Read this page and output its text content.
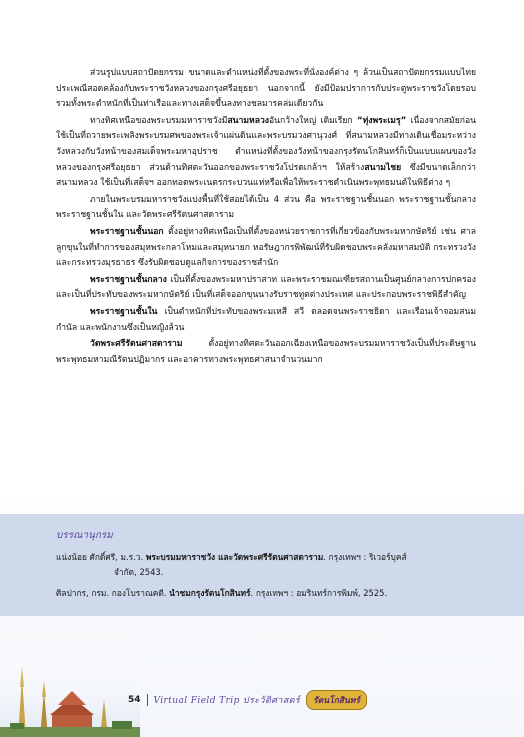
ส่วนรูปแบบสถาปัตยกรรม ขนาดและตำแหน่งที่ตั้งของพระที่นั่งองค์ต่าง ๆ ล้วนเป็นสถาปัตยกรรมแบบไทยประเพณีสอดคล้องกับพระราชวังหลวงของกรุงศรีอยุธยา นอกจากนี้ ยังมีป้อมปราการกับประตูพระราชวังโดยรอบ รวมทั้งพระตำหนักที่เป็นท่าเรือและทางเสด็จขึ้นลงทางชลมารคล่มเดียวกัน

ทางทิศเหนือของพระบรมมหาราชวังมีสนามหลวงอันกว้างใหญ่ เดิมเรียก “ทุ่งพระเมรุ” เนื่องจากสมัยก่อนใช้เป็นที่ถวายพระเพลิงพระบรมศพของพระเจ้าแผ่นดินและพระบรมวงศานุวงศ์ ที่สนามหลวงมีทางเดินเชื่อมระหว่างวังหลวงกับวังหน้าของสมเด็จพระมหาอุปราช ตำแหน่งที่ตั้งของวังหน้าของกรุงรัตนโกสินทร์ก็เป็นแบบแผนของวังหลวงของกรุงศรีอยุธยา ส่วนด้านทิศตะวันออกของพระราชวังโปรดเกล้าฯ ให้สร้างสนามไชย ซึ่งมีขนาดเล็กกว่าสนามหลวง ใช้เป็นที่เสด็จฯ ออกทอดพระเนตรกระบวนแห่หรือเพื่อให้พระราชดำเนินพระพุทธมนต์ในพิธีต่าง ๆ

ภายในพระบรมมหาราชวังแบ่งพื้นที่ใช้สอยได้เป็น 4 ส่วน คือ พระราชฐานชั้นนอก พระราชฐานชั้นกลาง พระราชฐานชั้นใน และวัดพระศรีรัตนศาสดาราม

พระราชฐานชั้นนอก ตั้งอยู่ทางทิศเหนือเป็นที่ตั้งของหน่วยราชการที่เกี่ยวข้องกับพระมหากษัตริย์ เช่น ศาลลูกขุนในที่ทำการของสมุหพระกลาโหมและสมุหนายก หอรัษฎากรพิพัฒน์ที่รับผิดชอบพระคลังมหาสมบัติ กระทรวงวัง และกระทรวงมุรธาธร ซึ่งรับผิดชอบดูแลกิจการของราชสำนัก

พระราชฐานชั้นกลาง เป็นที่ตั้งของพระมหาปราสาท และพระราชมณเฑียรสถานเป็นศูนย์กลางการปกครอง และเป็นที่ประทับของพระมหากษัตริย์ เป็นที่เสด็จออกขุนนางรับราชทูตต่างประเทศ และประกอบพระราชพิธีสำคัญ

พระราชฐานชั้นใน เป็นตำหนักที่ประทับของพระมเหสี สวี ตลอดจนพระราชธิดา และเรือนเจ้าจอมสนมกำนัล และพนักงานซึ่งเป็นหญิงล้วน

วัดพระศรีรัตนศาสดาราม ตั้งอยู่ทางทิศตะวันออกเฉียงเหนือของพระบรมมหาราชวังเป็นที่ประดิษฐานพระพุทธมหามณีรัตนปฏิมากร และอาคารทางพระพุทธศาสนาจำนวนมาก

บรรณานุกรม
แน่งน้อย ศักดิ์ศรี, ม.ร.ว. พระบรมมหาราชวัง และวัดพระศรีรัตนศาสดาราม. กรุงเทพฯ : ริเวอร์บุคส์
จำกัด, 2543.
ศิลปากร, กรม. กองโบราณคดี. นำชมกรุงรัตนโกสินทร์. กรุงเทพฯ : อมรินทร์การพิมพ์, 2525.
54 Virtual Field Trip ประวัติศาสตร์	รัตนโกสินทร์
